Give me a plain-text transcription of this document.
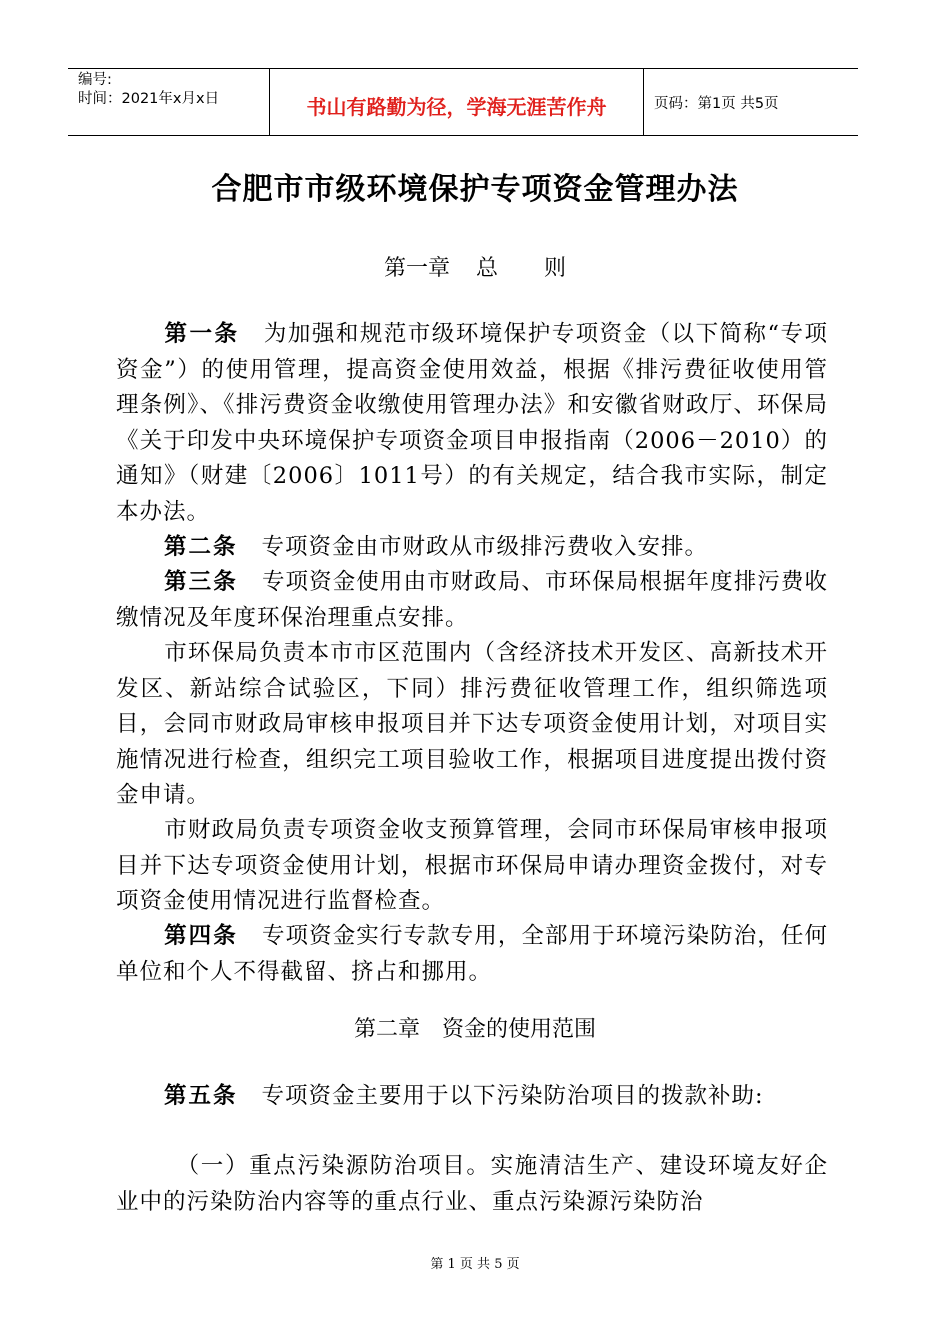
编号:
时间：2021年x月x日	书山有路勤为径，学海无涯苦作舟	页码：第1页 共5页
合肥市市级环境保护专项资金管理办法
第一章 总 则
第一条 为加强和规范市级环境保护专项资金（以下简称“专项资金”）的使用管理，提高资金使用效益，根据《排污费征收使用管理条例》、《排污费资金收缴使用管理办法》和安徽省财政厅、环保局《关于印发中央环境保护专项资金项目申报指南（2006－2010）的通知》（财建〔2006〕1011号）的有关规定，结合我市实际，制定本办法。
第二条 专项资金由市财政从市级排污费收入安排。
第三条 专项资金使用由市财政局、市环保局根据年度排污费收缴情况及年度环保治理重点安排。
市环保局负责本市市区范围内（含经济技术开发区、高新技术开发区、新站综合试验区，下同）排污费征收管理工作，组织筛选项目，会同市财政局审核申报项目并下达专项资金使用计划，对项目实施情况进行检查，组织完工项目验收工作，根据项目进度提出拨付资金申请。
市财政局负责专项资金收支预算管理，会同市环保局审核申报项目并下达专项资金使用计划，根据市环保局申请办理资金拨付，对专项资金使用情况进行监督检查。
第四条 专项资金实行专款专用，全部用于环境污染防治，任何单位和个人不得截留、挤占和挪用。
第二章 资金的使用范围
第五条 专项资金主要用于以下污染防治项目的拨款补助:
（一）重点污染源防治项目。实施清洁生产、建设环境友好企业中的污染防治内容等的重点行业、重点污染源污染防治
第 1 页 共 5 页
